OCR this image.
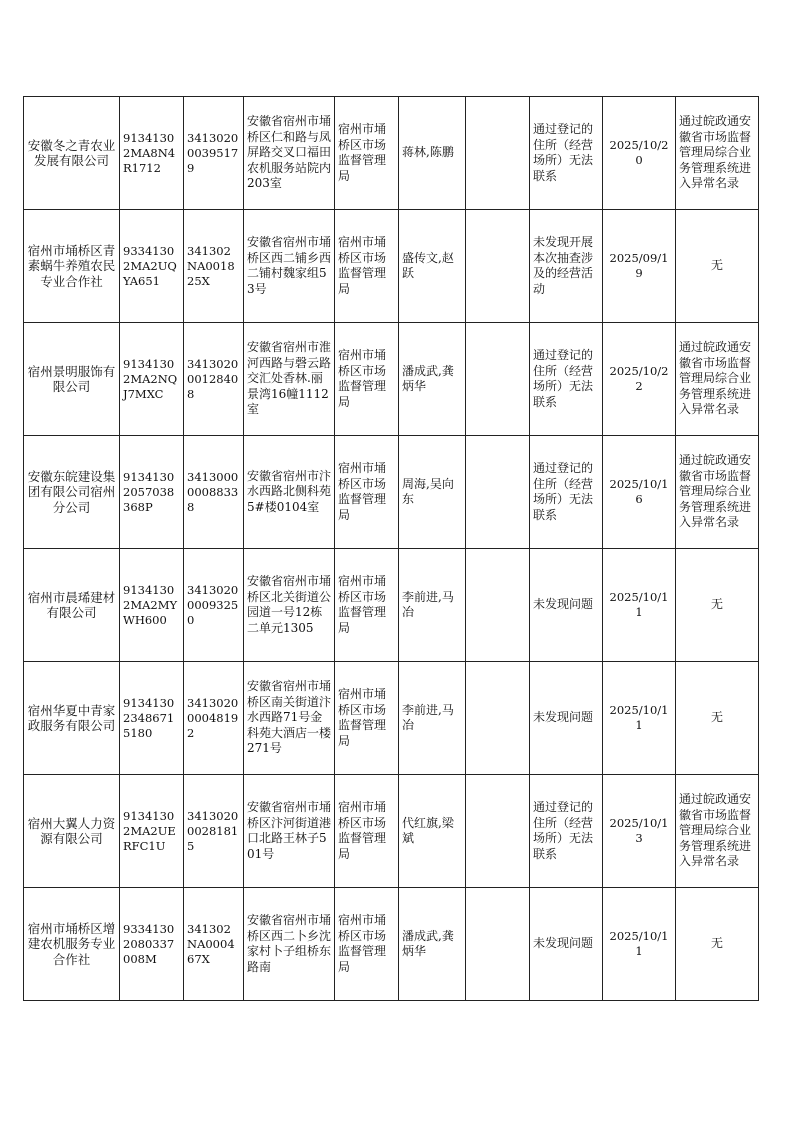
安徽冬之青农业发展有限公司	91341302MA8N4R1712	341302000395179	安徽省宿州市埇桥区仁和路与凤屏路交叉口福田农机服务站院内203室	宿州市埇桥区市场监督管理局	蒋林,陈鹏		通过登记的住所（经营场所）无法联系	2025/10/20	通过皖政通安徽省市场监督管理局综合业务管理系统进入异常名录
宿州市埇桥区青素蜗牛养殖农民专业合作社	93341302MA2UQYA651	341302NA001825X	安徽省宿州市埇桥区西二铺乡西二铺村魏家组53号	宿州市埇桥区市场监督管理局	盛传文,赵跃		未发现开展本次抽查涉及的经营活动	2025/09/19	无
宿州景明服饰有限公司	91341302MA2NQJ7MXC	341302000128408	安徽省宿州市淮河西路与磬云路交汇处香林.丽景湾16幢1112室	宿州市埇桥区市场监督管理局	潘成武,龚炳华		通过登记的住所（经营场所）无法联系	2025/10/22	通过皖政通安徽省市场监督管理局综合业务管理系统进入异常名录
安徽东皖建设集团有限公司宿州分公司	91341302057038368P	341300000088338	安徽省宿州市汴水西路北侧科苑5#楼0104室	宿州市埇桥区市场监督管理局	周海,吴向东		通过登记的住所（经营场所）无法联系	2025/10/16	通过皖政通安徽省市场监督管理局综合业务管理系统进入异常名录
宿州市晨琋建材有限公司	91341302MA2MYWH600	341302000093250	安徽省宿州市埇桥区北关街道公园道一号12栋二单元1305	宿州市埇桥区市场监督管理局	李前进,马冶		未发现问题	2025/10/11	无
宿州华夏中青家政服务有限公司	913413023486715180	341302000048192	安徽省宿州市埇桥区南关街道汴水西路71号金科苑大酒店一楼271号	宿州市埇桥区市场监督管理局	李前进,马冶		未发现问题	2025/10/11	无
宿州大翼人力资源有限公司	91341302MA2UERFC1U	341302000281815	安徽省宿州市埇桥区汴河街道港口北路王林子501号	宿州市埇桥区市场监督管理局	代红旗,梁斌		通过登记的住所（经营场所）无法联系	2025/10/13	通过皖政通安徽省市场监督管理局综合业务管理系统进入异常名录
宿州市埇桥区增建农机服务专业合作社	93341302080337008M	341302NA000467X	安徽省宿州市埇桥区西二卜乡沈家村卜子组桥东路南	宿州市埇桥区市场监督管理局	潘成武,龚炳华		未发现问题	2025/10/11	无
